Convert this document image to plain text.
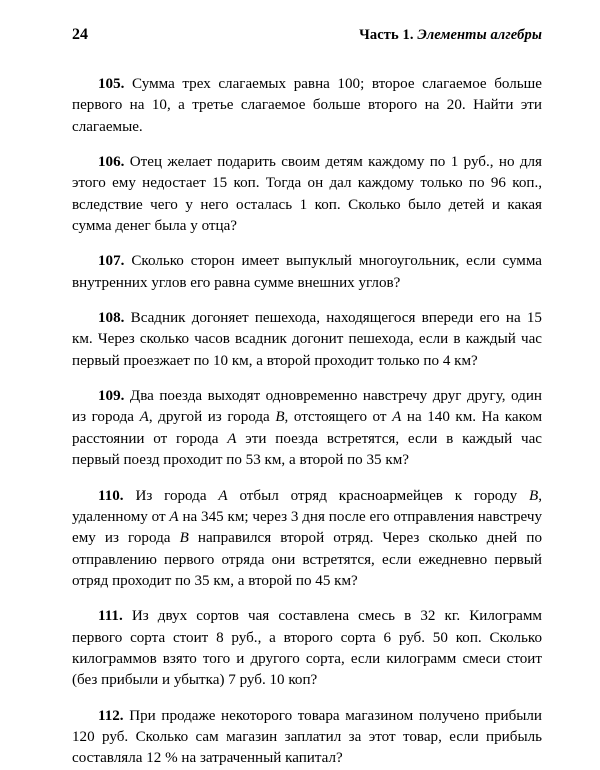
24	Часть 1. Элементы алгебры

105. Сумма трех слагаемых равна 100; второе слагаемое больше первого на 10, а третье слагаемое больше второго на 20. Найти эти слагаемые.

106. Отец желает подарить своим детям каждому по 1 руб., но для этого ему недостает 15 коп. Тогда он дал каждому только по 96 коп., вследствие чего у него осталась 1 коп. Сколько было детей и какая сумма денег была у отца?

107. Сколько сторон имеет выпуклый многоугольник, если сумма внутренних углов его равна сумме внешних углов?

108. Всадник догоняет пешехода, находящегося впереди его на 15 км. Через сколько часов всадник догонит пешехода, если в каждый час первый проезжает по 10 км, а второй проходит только по 4 км?

109. Два поезда выходят одновременно навстречу друг другу, один из города A, другой из города B, отстоящего от A на 140 км. На каком расстоянии от города A эти поезда встретятся, если в каждый час первый поезд проходит по 53 км, а второй по 35 км?

110. Из города A отбыл отряд красноармейцев к городу B, удаленному от A на 345 км; через 3 дня после его отправления навстречу ему из города B направился второй отряд. Через сколько дней по отправлению первого отряда они встретятся, если ежедневно первый отряд проходит по 35 км, а второй по 45 км?

111. Из двух сортов чая составлена смесь в 32 кг. Килограмм первого сорта стоит 8 руб., а второго сорта 6 руб. 50 коп. Сколько килограммов взято того и другого сорта, если килограмм смеси стоит (без прибыли и убытка) 7 руб. 10 коп?

112. При продаже некоторого товара магазином получено прибыли 120 руб. Сколько сам магазин заплатил за этот товар, если прибыль составляла 12 % на затраченный капитал?
